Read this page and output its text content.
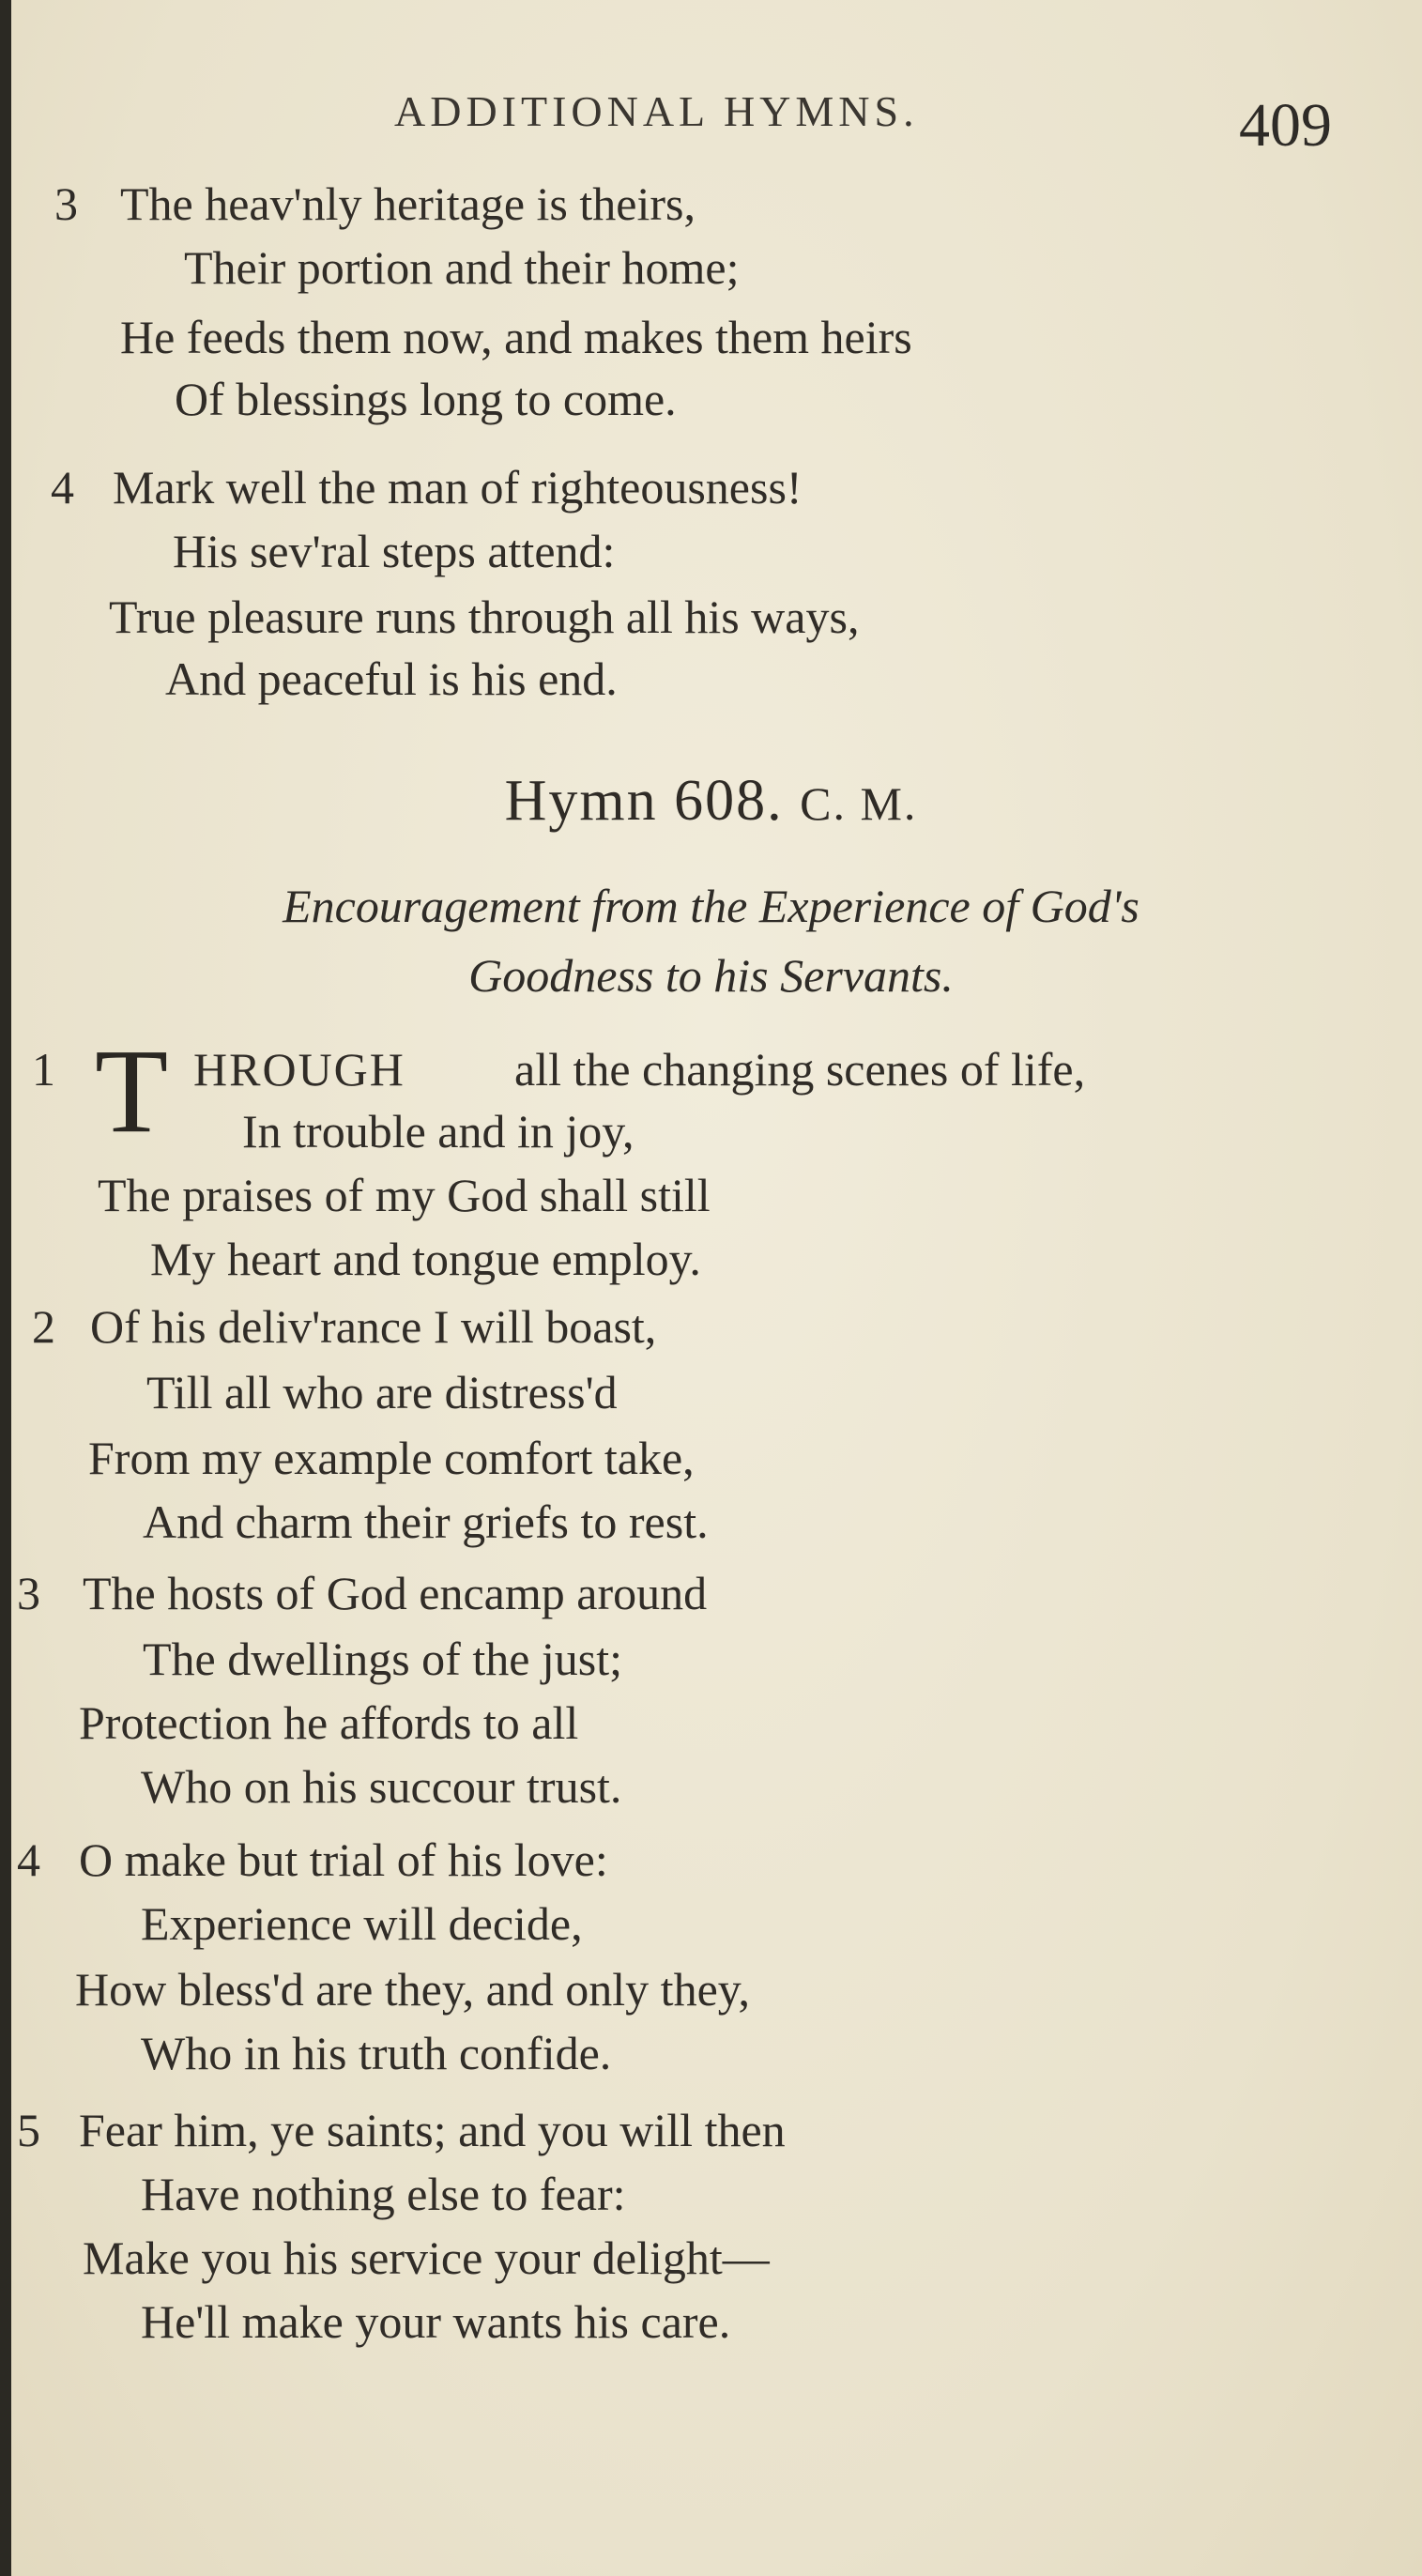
ADDITIONAL HYMNS.	409
3 The heav'nly heritage is theirs,
Their portion and their home;
He feeds them now, and makes them heirs
Of blessings long to come.
4 Mark well the man of righteousness!
His sev'ral steps attend:
True pleasure runs through all his ways,
And peaceful is his end.
Hymn 608. C. M.
Encouragement from the Experience of God's
Goodness to his Servants.
1 T HROUGH all the changing scenes of life,
In trouble and in joy,
The praises of my God shall still
My heart and tongue employ.
2 Of his deliv'rance I will boast,
Till all who are distress'd
From my example comfort take,
And charm their griefs to rest.
3 The hosts of God encamp around
The dwellings of the just;
Protection he affords to all
Who on his succour trust.
4 O make but trial of his love:
Experience will decide,
How bless'd are they, and only they,
Who in his truth confide.
5 Fear him, ye saints; and you will then
Have nothing else to fear:
Make you his service your delight—
He'll make your wants his care.
